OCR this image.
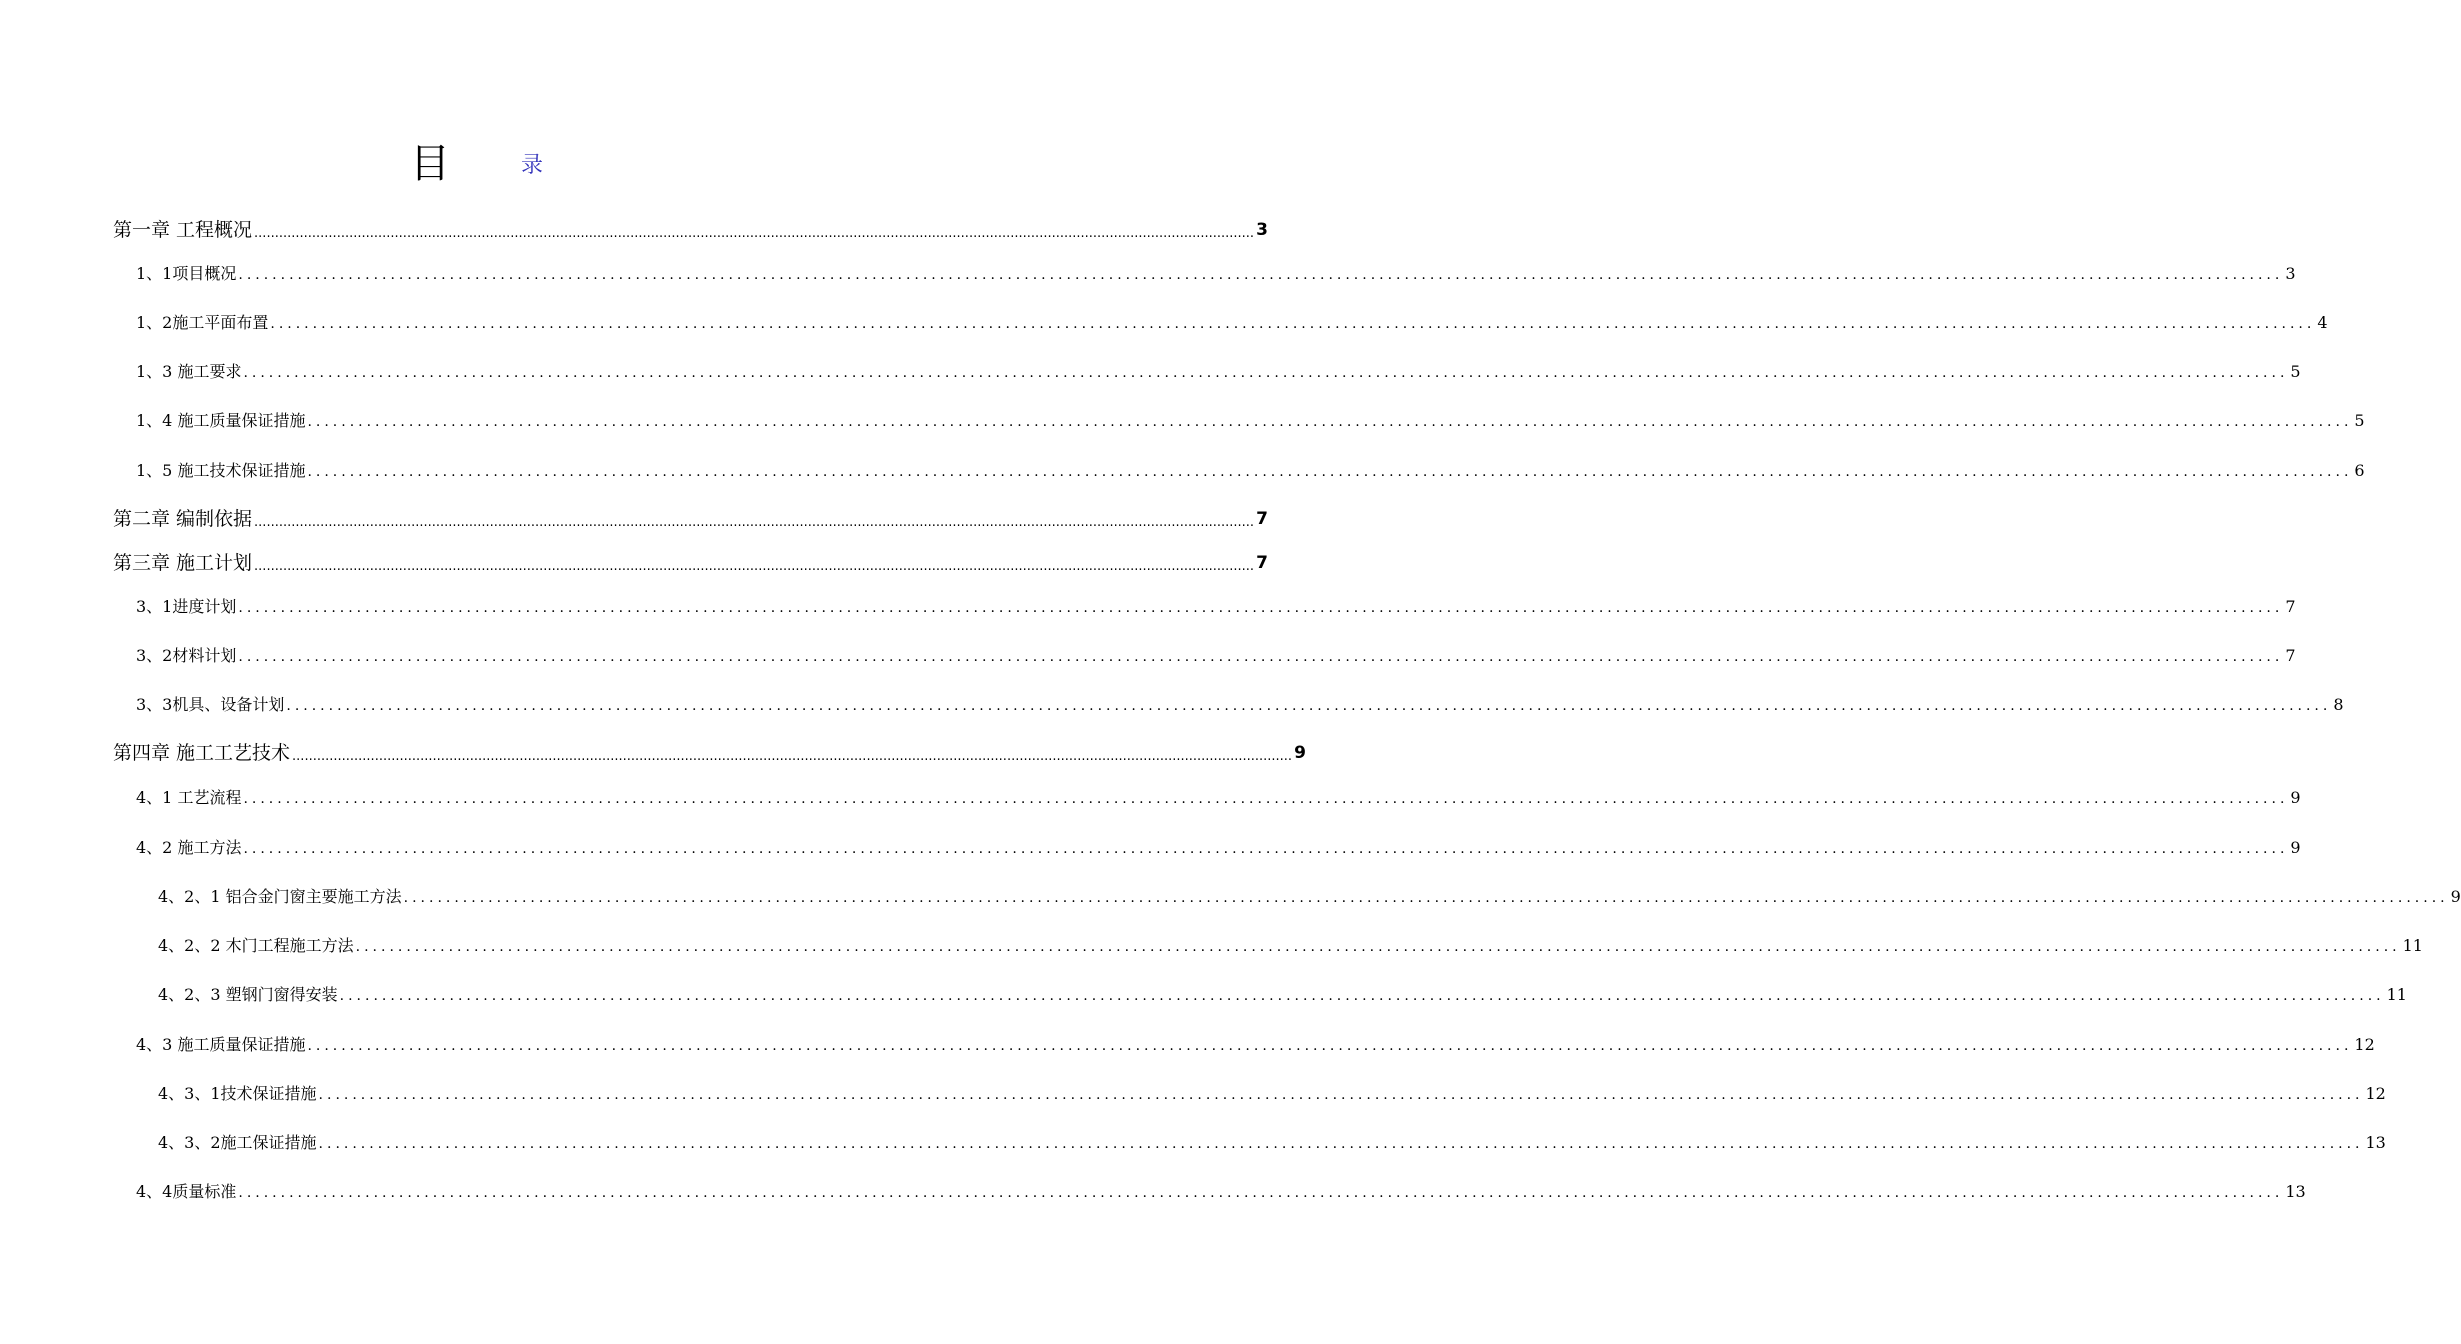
目	录
第一章 工程概况 .................................................................................................................................................................................................................................................. 3
1、1项目概况 .................................................................................................................................................................................................................................................. 3
1、2施工平面布置 .................................................................................................................................................................................................................................................. 4
1、3 施工要求 .................................................................................................................................................................................................................................................. 5
1、4 施工质量保证措施 .................................................................................................................................................................................................................................................. 5
1、5 施工技术保证措施 .................................................................................................................................................................................................................................................. 6
第二章 编制依据 .................................................................................................................................................................................................................................................. 7
第三章 施工计划 .................................................................................................................................................................................................................................................. 7
3、1进度计划 .................................................................................................................................................................................................................................................. 7
3、2材料计划 .................................................................................................................................................................................................................................................. 7
3、3机具、设备计划 .................................................................................................................................................................................................................................................. 8
第四章 施工工艺技术 .................................................................................................................................................................................................................................................. 9
4、1 工艺流程 .................................................................................................................................................................................................................................................. 9
4、2 施工方法 .................................................................................................................................................................................................................................................. 9
4、2、1 铝合金门窗主要施工方法 .................................................................................................................................................................................................................................................. 9
4、2、2 木门工程施工方法 .................................................................................................................................................................................................................................................. 11
4、2、3 塑钢门窗得安装 .................................................................................................................................................................................................................................................. 11
4、3 施工质量保证措施 .................................................................................................................................................................................................................................................. 12
4、3、1技术保证措施 .................................................................................................................................................................................................................................................. 12
4、3、2施工保证措施 .................................................................................................................................................................................................................................................. 13
4、4质量标准 .................................................................................................................................................................................................................................................. 13
